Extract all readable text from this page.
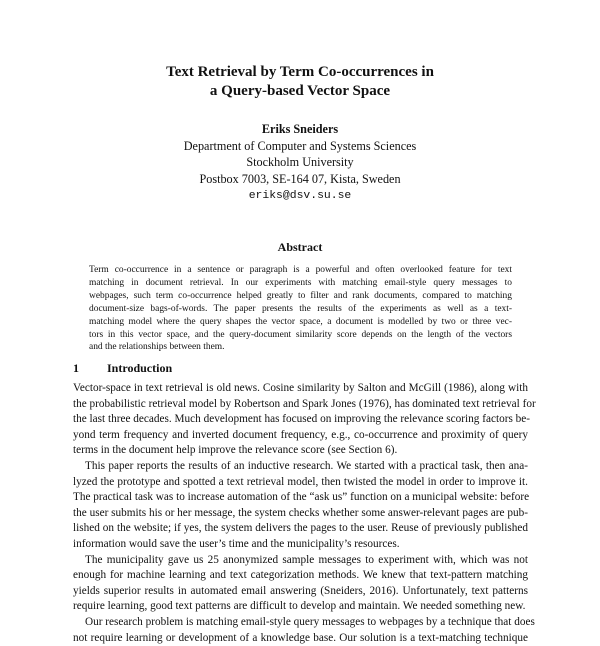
Text Retrieval by Term Co-occurrences in
a Query-based Vector Space
Eriks Sneiders
Department of Computer and Systems Sciences
Stockholm University
Postbox 7003, SE-164 07, Kista, Sweden
eriks@dsv.su.se
Abstract
Term co-occurrence in a sentence or paragraph is a powerful and often overlooked feature for text
matching in document retrieval. In our experiments with matching email-style query messages to
webpages, such term co-occurrence helped greatly to filter and rank documents, compared to matching
document-size bags-of-words. The paper presents the results of the experiments as well as a text-
matching model where the query shapes the vector space, a document is modelled by two or three vec-
tors in this vector space, and the query-document similarity score depends on the length of the vectors
and the relationships between them.
1 Introduction
Vector-space in text retrieval is old news. Cosine similarity by Salton and McGill (1986), along with
the probabilistic retrieval model by Robertson and Spark Jones (1976), has dominated text retrieval for
the last three decades. Much development has focused on improving the relevance scoring factors be-
yond term frequency and inverted document frequency, e.g., co-occurrence and proximity of query
terms in the document help improve the relevance score (see Section 6).
This paper reports the results of an inductive research. We started with a practical task, then ana-
lyzed the prototype and spotted a text retrieval model, then twisted the model in order to improve it.
The practical task was to increase automation of the “ask us” function on a municipal website: before
the user submits his or her message, the system checks whether some answer-relevant pages are pub-
lished on the website; if yes, the system delivers the pages to the user. Reuse of previously published
information would save the user’s time and the municipality’s resources.
The municipality gave us 25 anonymized sample messages to experiment with, which was not
enough for machine learning and text categorization methods. We knew that text-pattern matching
yields superior results in automated email answering (Sneiders, 2016). Unfortunately, text patterns
require learning, good text patterns are difficult to develop and maintain. We needed something new.
Our research problem is matching email-style query messages to webpages by a technique that does
not require learning or development of a knowledge base. Our solution is a text-matching technique
